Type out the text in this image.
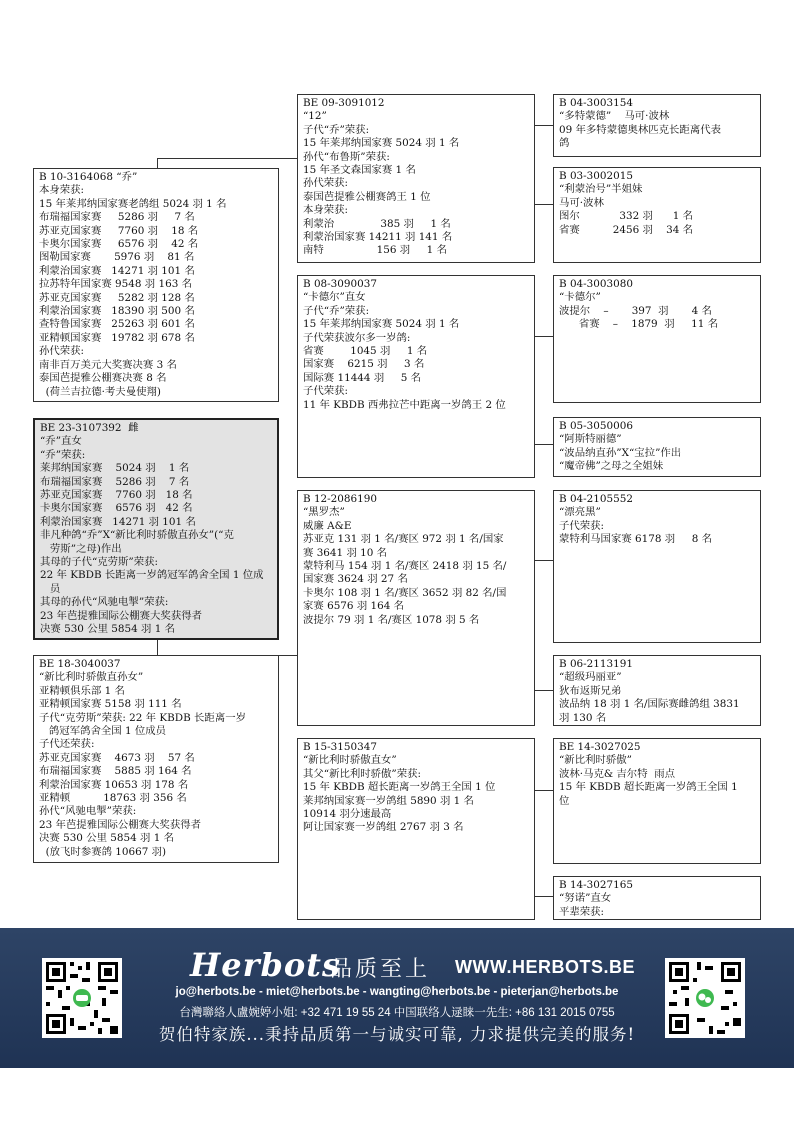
B 10-3164068 “乔”
本身荣获:
15 年莱邦纳国家赛老鸽组 5024 羽 1 名
布瑞福国家赛     5286 羽     7 名
苏亚克国家赛     7760 羽    18 名
卡奥尔国家赛     6576 羽    42 名
图勒国家赛       5976 羽    81 名
利蒙治国家赛   14271 羽 101 名
拉苏特年国家赛 9548 羽 163 名
苏亚克国家赛     5282 羽 128 名
利蒙治国家赛   18390 羽 500 名
查特鲁国家赛   25263 羽 601 名
亚精顿国家赛   19782 羽 678 名
孙代荣获:
南非百万美元大奖赛决赛 3 名
泰国芭提雅公棚赛决赛 8 名
(荷兰吉拉德·考夫曼使翔)
BE 23-3107392  雌
“乔”直女
“乔”荣获:
莱邦纳国家赛    5024 羽    1 名
布瑞福国家赛    5286 羽    7 名
苏亚克国家赛    7760 羽   18 名
卡奥尔国家赛    6576 羽   42 名
利蒙治国家赛   14271 羽 101 名
非凡种鸽“乔”X“新比利时骄傲直孙女”(“克
劳斯”之母)作出
其母的子代“克劳斯”荣获:
22 年 KBDB 长距离一岁鸽冠军鸽舍全国 1 位成
员
其母的孙代“风驰电掣”荣获:
23 年芭提雅国际公棚赛大奖获得者
决赛 530 公里 5854 羽 1 名
BE 18-3040037
“新比利时骄傲直孙女”
亚精顿俱乐部 1 名
亚精顿国家赛 5158 羽 111 名
子代“克劳斯”荣获: 22 年 KBDB 长距离一岁
鸽冠军鸽舍全国 1 位成员
子代还荣获:
苏亚克国家赛    4673 羽    57 名
布瑞福国家赛    5885 羽 164 名
利蒙治国家赛 10653 羽 178 名
亚精顿          18763 羽 356 名
孙代“风驰电掣”荣获:
23 年芭提雅国际公棚赛大奖获得者
决赛 530 公里 5854 羽 1 名
(放飞时参赛鸽 10667 羽)
BE 09-3091012
“12”
子代“乔”荣获:
15 年莱邦纳国家赛 5024 羽 1 名
孙代“布鲁斯”荣获:
15 年圣文森国家赛 1 名
孙代荣获:
泰国芭提雅公棚赛鸽王 1 位
本身荣获:
利蒙治              385 羽     1 名
利蒙治国家赛 14211 羽 141 名
南特                156 羽     1 名
B 08-3090037
“卡德尔”直女
子代“乔”荣获:
15 年莱邦纳国家赛 5024 羽 1 名
子代荣获波尔多一岁鸽:
省赛        1045 羽     1 名
国家赛    6215 羽     3 名
国际赛 11444 羽     5 名
子代荣获:
11 年 KBDB 西弗拉芒中距离一岁鸽王 2 位
B 12-2086190
“黑罗杰”
威廉 A&E
苏亚克 131 羽 1 名/赛区 972 羽 1 名/国家
赛 3641 羽 10 名
蒙特利马 154 羽 1 名/赛区 2418 羽 15 名/
国家赛 3624 羽 27 名
卡奥尔 108 羽 1 名/赛区 3652 羽 82 名/国
家赛 6576 羽 164 名
波提尔 79 羽 1 名/赛区 1078 羽 5 名
B 15-3150347
“新比利时骄傲直女”
其父“新比利时骄傲”荣获:
15 年 KBDB 超长距离一岁鸽王全国 1 位
莱邦纳国家赛一岁鸽组 5890 羽 1 名
10914 羽分速最高
阿让国家赛一岁鸽组 2767 羽 3 名
B 04-3003154
“多特蒙德”    马可·波林
09 年多特蒙德奥林匹克长距离代表
鸽
B 03-3002015
“利蒙治号”半姐妹
马可·波林
图尔            332 羽      1 名
省赛          2456 羽    34 名
B 04-3003080
“卡德尔”
波提尔    –       397  羽       4 名
省赛    –    1879  羽     11 名
B 05-3050006
“阿斯特丽德”
“波品纳直孙”X“宝拉”作出
“魔帝佛”之母之全姐妹
B 04-2105552
“漂亮黑”
子代荣获:
蒙特利马国家赛 6178 羽     8 名
B 06-2113191
“超级玛丽亚”
狄布返斯兄弟
波品纳 18 羽 1 名/国际赛雌鸽组 3831
羽 130 名
BE 14-3027025
“新比利时骄傲”
波林·马克& 吉尔特  雨点
15 年 KBDB 超长距离一岁鸽王全国 1
位
B 14-3027165
“努诺”直女
平辈荣获:
Herbots
品质至上 WWW.HERBOTS.BE
jo@herbots.be - miet@herbots.be - wangting@herbots.be - pieterjan@herbots.be
台灣聯絡人盧婉婷小姐: +32 471 19 55 24 中国联络人逯睐一先生: +86 131 2015 0755
贺伯特家族...秉持品质第一与诚实可靠, 力求提供完美的服务!
